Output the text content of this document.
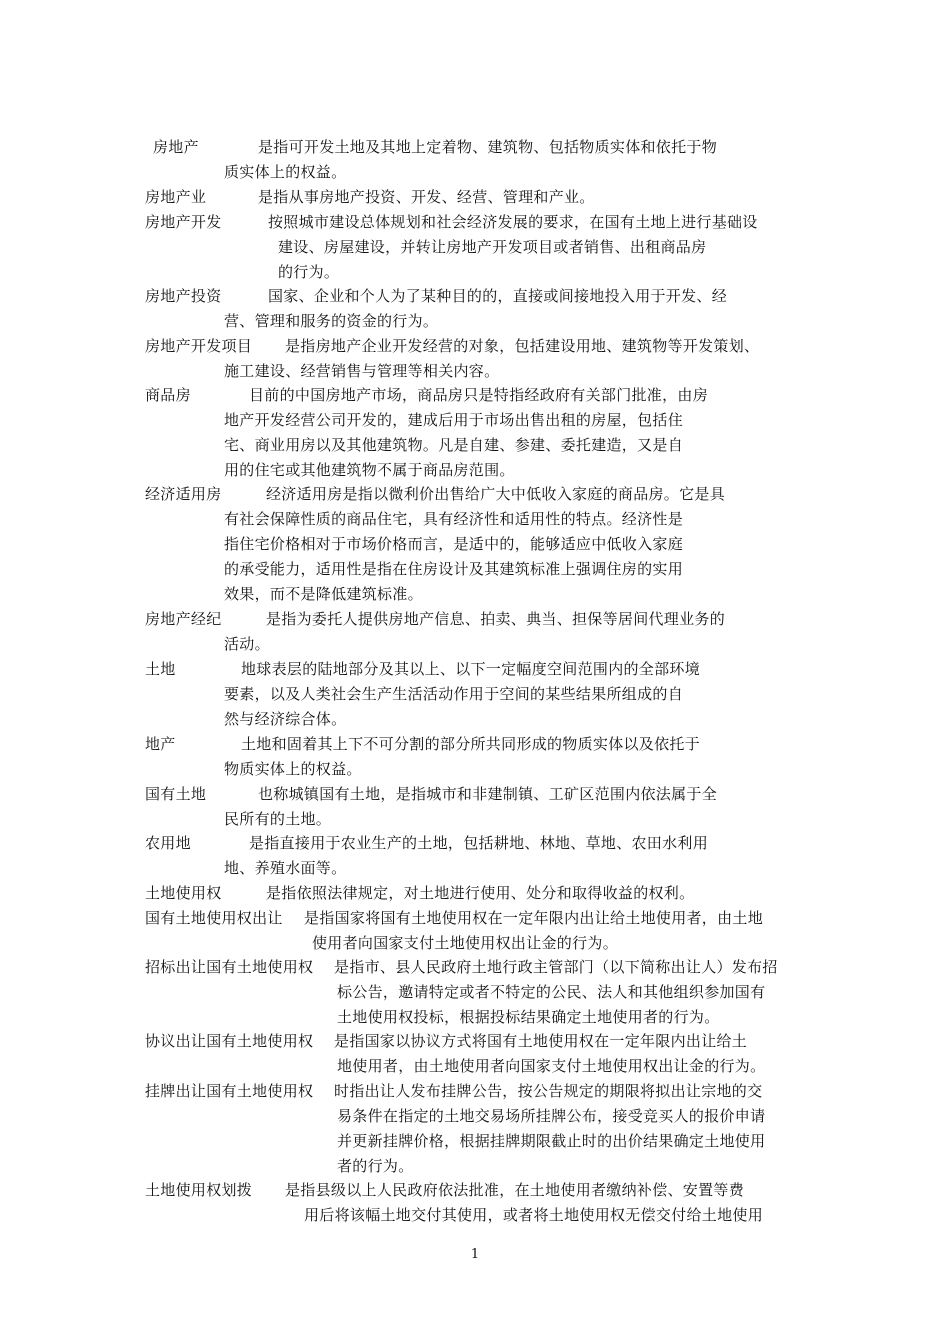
房地产	是指可开发土地及其地上定着物、建筑物、包括物质实体和依托于物
质实体上的权益。
房地产业	是指从事房地产投资、开发、经营、管理和产业。
房地产开发	按照城市建设总体规划和社会经济发展的要求，在国有土地上进行基础设
建设、房屋建设，并转让房地产开发项目或者销售、出租商品房
的行为。
房地产投资	国家、企业和个人为了某种目的的，直接或间接地投入用于开发、经
营、管理和服务的资金的行为。
房地产开发项目 是指房地产企业开发经营的对象，包括建设用地、建筑物等开发策划、
施工建设、经营销售与管理等相关内容。
商品房	目前的中国房地产市场，商品房只是特指经政府有关部门批准，由房
地产开发经营公司开发的，建成后用于市场出售出租的房屋，包括住
宅、商业用房以及其他建筑物。凡是自建、参建、委托建造，又是自
用的住宅或其他建筑物不属于商品房范围。
经济适用房	经济适用房是指以微利价出售给广大中低收入家庭的商品房。它是具
有社会保障性质的商品住宅，具有经济性和适用性的特点。经济性是
指住宅价格相对于市场价格而言，是适中的，能够适应中低收入家庭
的承受能力，适用性是指在住房设计及其建筑标准上强调住房的实用
效果，而不是降低建筑标准。
房地产经纪	是指为委托人提供房地产信息、拍卖、典当、担保等居间代理业务的
活动。
土地	地球表层的陆地部分及其以上、以下一定幅度空间范围内的全部环境
要素，以及人类社会生产生活活动作用于空间的某些结果所组成的自
然与经济综合体。
地产	土地和固着其上下不可分割的部分所共同形成的物质实体以及依托于
物质实体上的权益。
国有土地	也称城镇国有土地，是指城市和非建制镇、工矿区范围内依法属于全
民所有的土地。
农用地	是指直接用于农业生产的土地，包括耕地、林地、草地、农田水利用
地、养殖水面等。
土地使用权	是指依照法律规定，对土地进行使用、处分和取得收益的权利。
国有土地使用权出让 是指国家将国有土地使用权在一定年限内出让给土地使用者，由土地
使用者向国家支付土地使用权出让金的行为。
招标出让国有土地使用权 是指市、县人民政府土地行政主管部门（以下简称出让人）发布招
标公告，邀请特定或者不特定的公民、法人和其他组织参加国有
土地使用权投标，根据投标结果确定土地使用者的行为。
协议出让国有土地使用权 是指国家以协议方式将国有土地使用权在一定年限内出让给土
地使用者，由土地使用者向国家支付土地使用权出让金的行为。
挂牌出让国有土地使用权 时指出让人发布挂牌公告，按公告规定的期限将拟出让宗地的交
易条件在指定的土地交易场所挂牌公布，接受竞买人的报价申请
并更新挂牌价格，根据挂牌期限截止时的出价结果确定土地使用
者的行为。
土地使用权划拨 是指县级以上人民政府依法批准，在土地使用者缴纳补偿、安置等费
用后将该幅土地交付其使用，或者将土地使用权无偿交付给土地使用
1
